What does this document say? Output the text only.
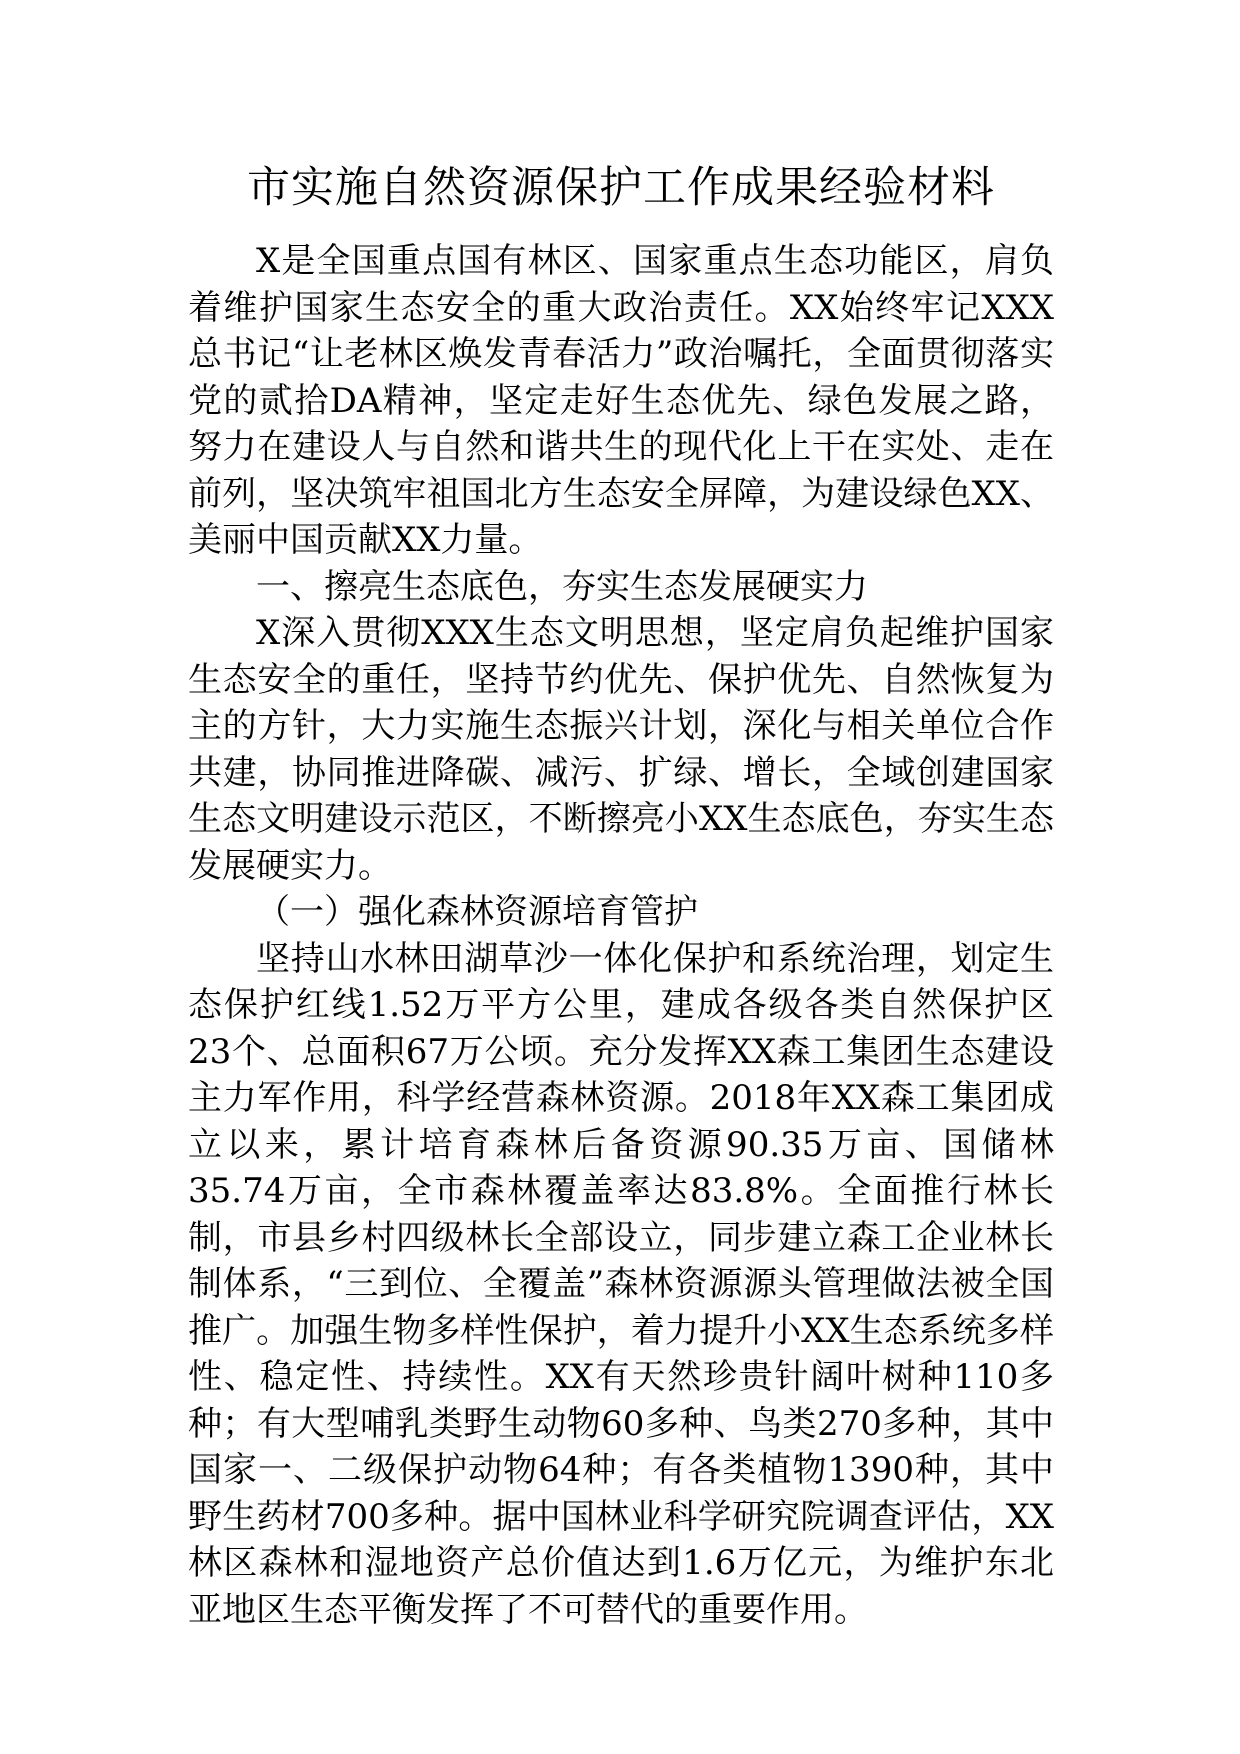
市实施自然资源保护工作成果经验材料

X是全国重点国有林区、国家重点生态功能区，肩负着维护国家生态安全的重大政治责任。XX始终牢记XXX总书记“让老林区焕发青春活力”政治嘱托，全面贯彻落实党的贰拾DA精神，坚定走好生态优先、绿色发展之路，努力在建设人与自然和谐共生的现代化上干在实处、走在前列，坚决筑牢祖国北方生态安全屏障，为建设绿色XX、美丽中国贡献XX力量。

一、擦亮生态底色，夯实生态发展硬实力

X深入贯彻XXX生态文明思想，坚定肩负起维护国家生态安全的重任，坚持节约优先、保护优先、自然恢复为主的方针，大力实施生态振兴计划，深化与相关单位合作共建，协同推进降碳、减污、扩绿、增长，全域创建国家生态文明建设示范区，不断擦亮小XX生态底色，夯实生态发展硬实力。

（一）强化森林资源培育管护

坚持山水林田湖草沙一体化保护和系统治理，划定生态保护红线1.52万平方公里，建成各级各类自然保护区23个、总面积67万公顷。充分发挥XX森工集团生态建设主力军作用，科学经营森林资源。2018年XX森工集团成立以来，累计培育森林后备资源90.35万亩、国储林35.74万亩，全市森林覆盖率达83.8%。全面推行林长制，市县乡村四级林长全部设立，同步建立森工企业林长制体系，“三到位、全覆盖”森林资源源头管理做法被全国推广。加强生物多样性保护，着力提升小XX生态系统多样性、稳定性、持续性。XX有天然珍贵针阔叶树种110多种；有大型哺乳类野生动物60多种、鸟类270多种，其中国家一、二级保护动物64种；有各类植物1390种，其中野生药材700多种。据中国林业科学研究院调查评估，XX林区森林和湿地资产总价值达到1.6万亿元，为维护东北亚地区生态平衡发挥了不可替代的重要作用。
